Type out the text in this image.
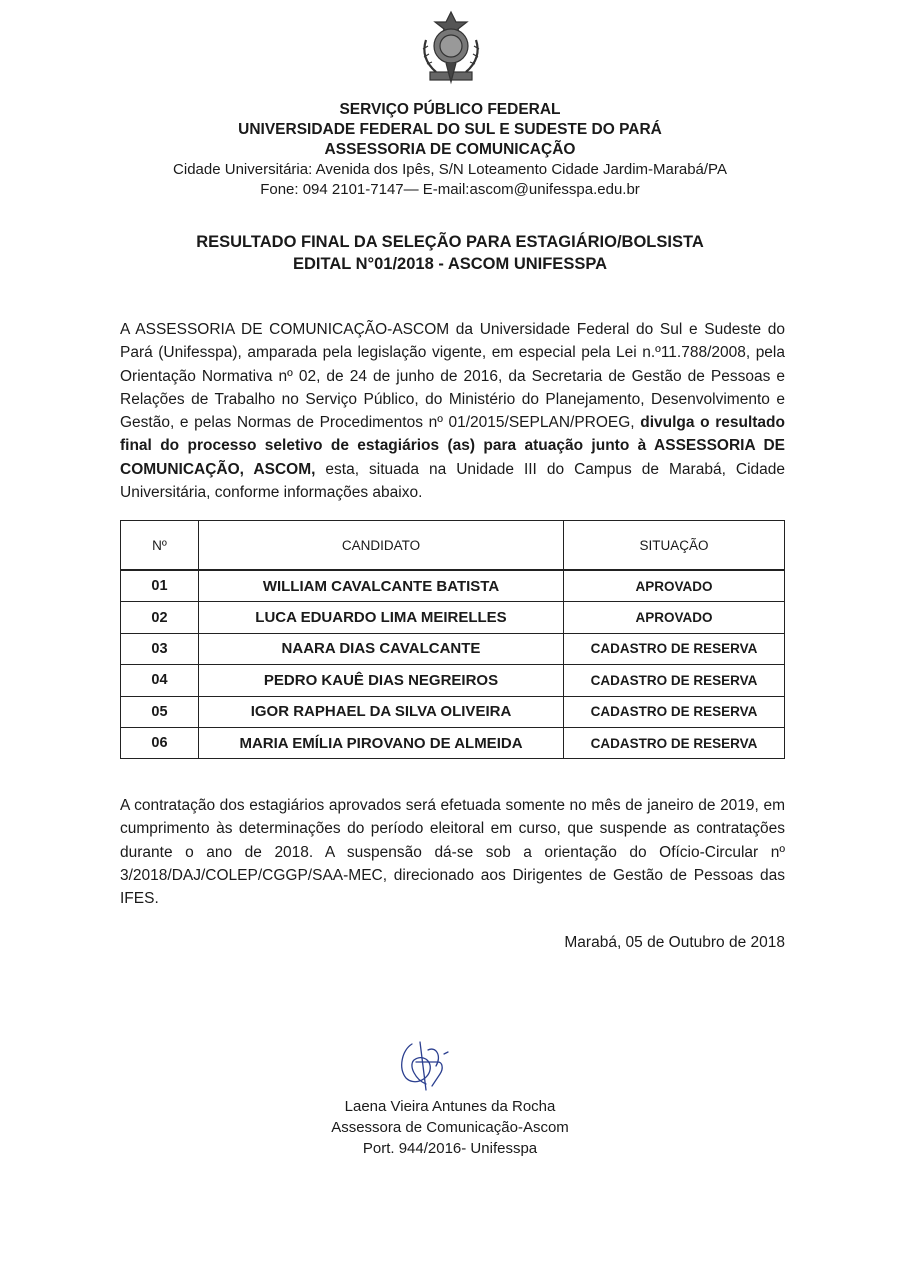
SERVIÇO PÚBLICO FEDERAL
UNIVERSIDADE FEDERAL DO SUL E SUDESTE DO PARÁ
ASSESSORIA DE COMUNICAÇÃO
Cidade Universitária: Avenida dos Ipês, S/N Loteamento Cidade Jardim-Marabá/PA
Fone: 094 2101-7147— E-mail:ascom@unifesspa.edu.br
RESULTADO FINAL DA SELEÇÃO PARA ESTAGIÁRIO/BOLSISTA
EDITAL N°01/2018 - ASCOM UNIFESSPA
A ASSESSORIA DE COMUNICAÇÃO-ASCOM da Universidade Federal do Sul e Sudeste do Pará (Unifesspa), amparada pela legislação vigente, em especial pela Lei n.º11.788/2008, pela Orientação Normativa nº 02, de 24 de junho de 2016, da Secretaria de Gestão de Pessoas e Relações de Trabalho no Serviço Público, do Ministério do Planejamento, Desenvolvimento e Gestão, e pelas Normas de Procedimentos nº 01/2015/SEPLAN/PROEG, divulga o resultado final do processo seletivo de estagiários (as) para atuação junto à ASSESSORIA DE COMUNICAÇÃO, ASCOM, esta, situada na Unidade III do Campus de Marabá, Cidade Universitária, conforme informações abaixo.
Nº	CANDIDATO	SITUAÇÃO
01	WILLIAM CAVALCANTE BATISTA	APROVADO
02	LUCA EDUARDO LIMA MEIRELLES	APROVADO
03	NAARA DIAS CAVALCANTE	CADASTRO DE RESERVA
04	PEDRO KAUÊ DIAS NEGREIROS	CADASTRO DE RESERVA
05	IGOR RAPHAEL DA SILVA OLIVEIRA	CADASTRO DE RESERVA
06	MARIA EMÍLIA PIROVANO DE ALMEIDA	CADASTRO DE RESERVA
A contratação dos estagiários aprovados será efetuada somente no mês de janeiro de 2019, em cumprimento às determinações do período eleitoral em curso, que suspende as contratações durante o ano de 2018. A suspensão dá-se sob a orientação do Ofício-Circular nº 3/2018/DAJ/COLEP/CGGP/SAA-MEC, direcionado aos Dirigentes de Gestão de Pessoas das IFES.
Marabá, 05 de Outubro de 2018
Laena Vieira Antunes da Rocha
Assessora de Comunicação-Ascom
Port. 944/2016- Unifesspa
